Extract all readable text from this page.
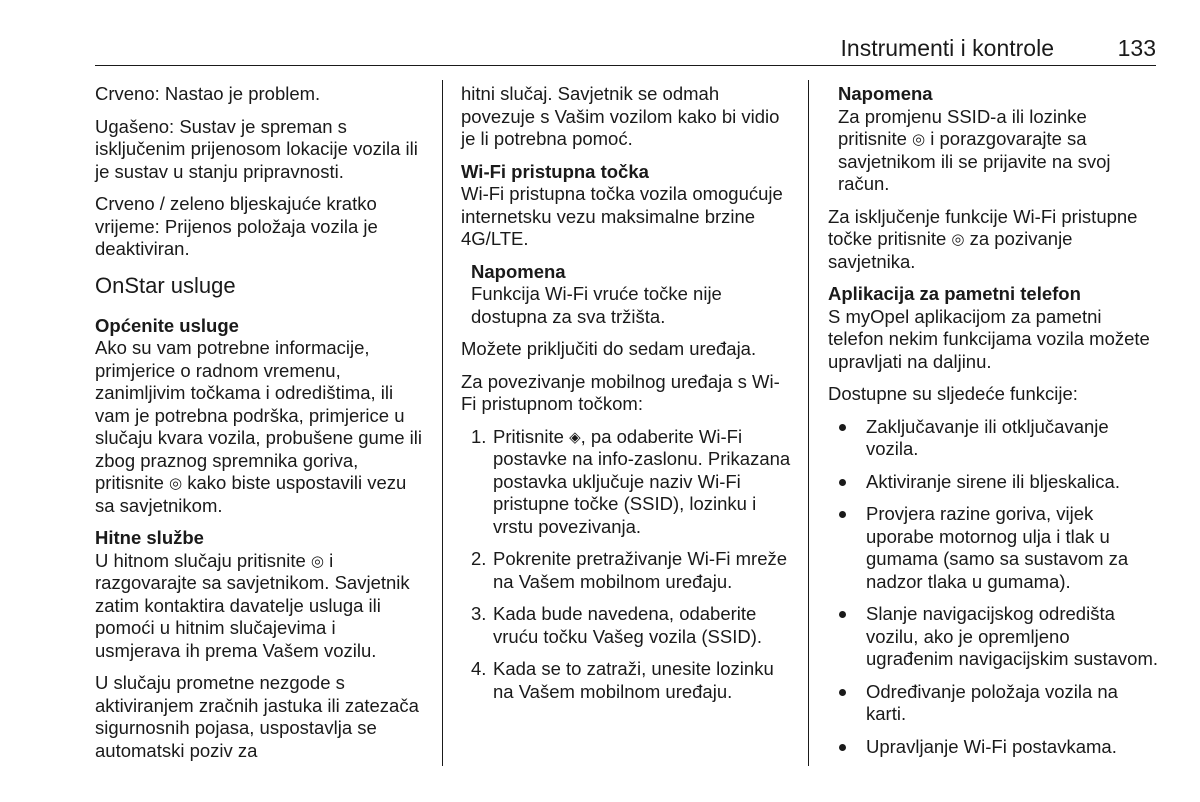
Instrumenti i kontrole	133

Crveno: Nastao je problem.

Ugašeno: Sustav je spreman s isključenim prijenosom lokacije vozila ili je sustav u stanju pripravnosti.

Crveno / zeleno bljeskajuće kratko vrijeme: Prijenos položaja vozila je deaktiviran.

OnStar usluge
Općenite usluge

Ako su vam potrebne informacije, primjerice o radnom vremenu, zanimljivim točkama i odredištima, ili vam je potrebna podrška, primjerice u slučaju kvara vozila, probušene gume ili zbog praznog spremnika goriva, pritisnite ◎ kako biste uspostavili vezu sa savjetnikom.

Hitne službe

U hitnom slučaju pritisnite ◎ i razgovarajte sa savjetnikom. Savjetnik zatim kontaktira davatelje usluga ili pomoći u hitnim slučajevima i usmjerava ih prema Vašem vozilu.

U slučaju prometne nezgode s aktiviranjem zračnih jastuka ili zatezača sigurnosnih pojasa, uspostavlja se automatski poziv za

hitni slučaj. Savjetnik se odmah povezuje s Vašim vozilom kako bi vidio je li potrebna pomoć.

Wi-Fi pristupna točka

Wi-Fi pristupna točka vozila omogućuje internetsku vezu maksimalne brzine 4G/LTE.

Napomena
Funkcija Wi-Fi vruće točke nije dostupna za sva tržišta.

Možete priključiti do sedam uređaja.

Za povezivanje mobilnog uređaja s Wi-Fi pristupnom točkom:

1. Pritisnite ◈, pa odaberite Wi-Fi postavke na info-zaslonu. Prikazana postavka uključuje naziv Wi-Fi pristupne točke (SSID), lozinku i vrstu povezivanja.
2. Pokrenite pretraživanje Wi-Fi mreže na Vašem mobilnom uređaju.
3. Kada bude navedena, odaberite vruću točku Vašeg vozila (SSID).
4. Kada se to zatraži, unesite lozinku na Vašem mobilnom uređaju.
Napomena
Za promjenu SSID-a ili lozinke pritisnite ◎ i porazgovarajte sa savjetnikom ili se prijavite na svoj račun.

Za isključenje funkcije Wi-Fi pristupne točke pritisnite ◎ za pozivanje savjetnika.

Aplikacija za pametni telefon

S myOpel aplikacijom za pametni telefon nekim funkcijama vozila možete upravljati na daljinu.

Dostupne su sljedeće funkcije:

Zaključavanje ili otključavanje vozila.
Aktiviranje sirene ili bljeskalica.
Provjera razine goriva, vijek uporabe motornog ulja i tlak u gumama (samo sa sustavom za nadzor tlaka u gumama).
Slanje navigacijskog odredišta vozilu, ako je opremljeno ugrađenim navigacijskim sustavom.
Određivanje položaja vozila na karti.
Upravljanje Wi-Fi postavkama.
